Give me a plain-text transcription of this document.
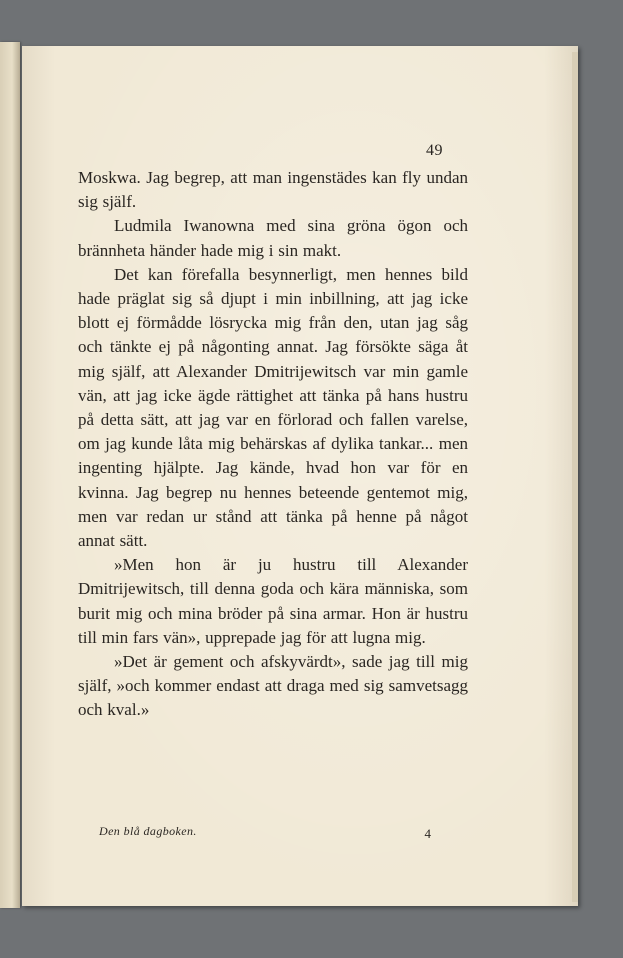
49

Moskwa. Jag begrep, att man ingenstädes kan fly undan sig själf.

Ludmila Iwanowna med sina gröna ögon och brännheta händer hade mig i sin makt.

Det kan förefalla besynnerligt, men hennes bild hade präglat sig så djupt i min inbillning, att jag icke blott ej förmådde lösrycka mig från den, utan jag såg och tänkte ej på någonting annat. Jag försökte säga åt mig själf, att Alexander Dmitrijewitsch var min gamle vän, att jag icke ägde rättighet att tänka på hans hustru på detta sätt, att jag var en förlorad och fallen varelse, om jag kunde låta mig behärskas af dylika tankar... men ingenting hjälpte. Jag kände, hvad hon var för en kvinna. Jag begrep nu hennes beteende gentemot mig, men var redan ur stånd att tänka på henne på något annat sätt.

»Men hon är ju hustru till Alexander Dmitrijewitsch, till denna goda och kära människa, som burit mig och mina bröder på sina armar. Hon är hustru till min fars vän», upprepade jag för att lugna mig.

»Det är gement och afskyvärdt», sade jag till mig själf, »och kommer endast att draga med sig samvetsagg och kval.»

Den blå dagboken.	4
